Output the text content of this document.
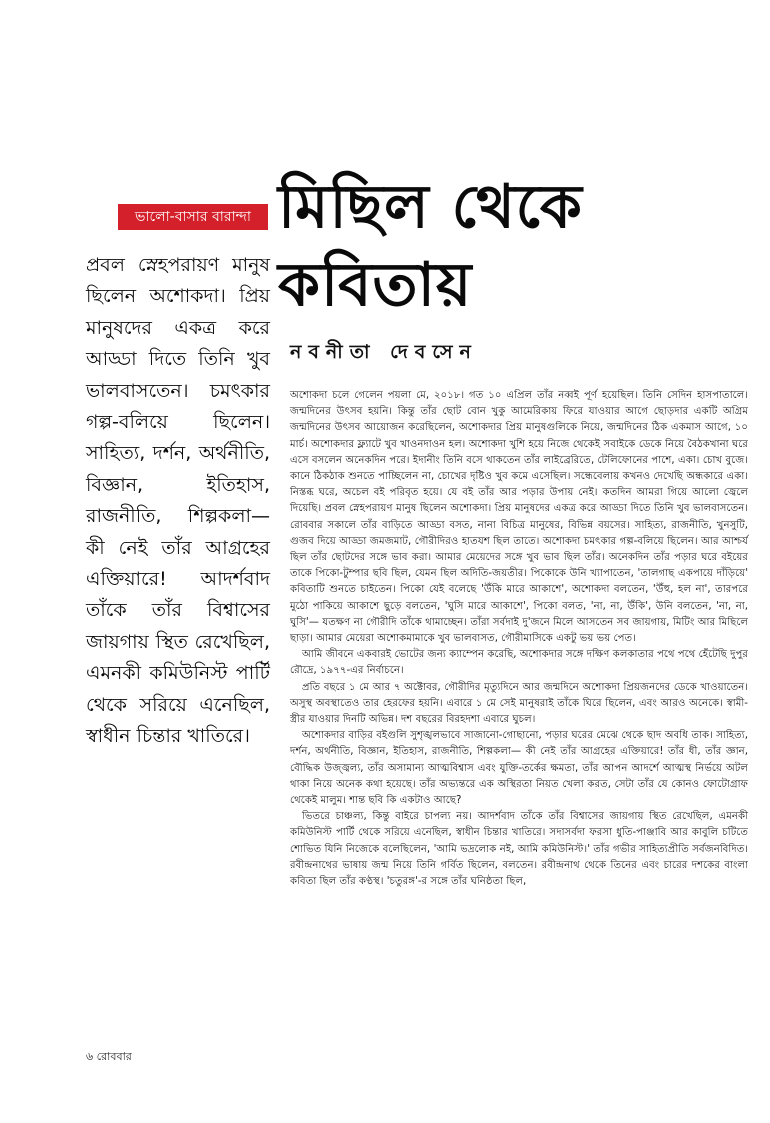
ভালো-বাসার বারান্দা মিছিল থেকে
কবিতায়
নবনীতা দেবসেন
প্রবল স্নেহপরায়ণ মানুষ ছিলেন অশোকদা। প্রিয় মানুষদের একত্র করে আড্ডা দিতে তিনি খুব ভালবাসতেন। চমৎকার গল্প-বলিয়ে ছিলেন। সাহিত্য, দর্শন, অর্থনীতি, বিজ্ঞান, ইতিহাস, রাজনীতি, শিল্পকলা— কী নেই তাঁর আগ্রহের এক্তিয়ারে! আদর্শবাদ তাঁকে তাঁর বিশ্বাসের জায়গায় স্থিত রেখেছিল, এমনকী কমিউনিস্ট পার্টি থেকে সরিয়ে এনেছিল, স্বাধীন চিন্তার খাতিরে।

অশোকদা চলে গেলেন পয়লা মে, ২০১৮। গত ১০ এপ্রিল তাঁর নব্বই পূর্ণ হয়েছিল। তিনি সেদিন হাসপাতালে। জন্মদিনের উৎসব হয়নি। কিন্তু তাঁর ছোট বোন খুকু আমেরিকায় ফিরে যাওয়ার আগে ছোড়দার একটি অগ্রিম জন্মদিনের উৎসব আয়োজন করেছিলেন, অশোকদার প্রিয় মানুষগুলিকে নিয়ে, জন্মদিনের ঠিক একমাস আগে, ১০ মার্চ। অশোকদার ফ্ল্যাটে খুব খাওনদাওন হল। অশোকদা খুশি হয়ে নিজে থেকেই সবাইকে ডেকে নিয়ে বৈঠকখানা ঘরে এসে বসলেন অনেকদিন পরে। ইদানীং তিনি বসে থাকতেন তাঁর লাইব্রেরিতে, টেলিফোনের পাশে, একা। চোখ বুজে। কানে ঠিকঠাক শুনতে পাচ্ছিলেন না, চোখের দৃষ্টিও খুব কমে এসেছিল। সন্ধেবেলায় কখনও দেখেছি অন্ধকারে একা। নিস্তব্ধ ঘরে, অচেল বই পরিবৃত হয়ে। যে বই তাঁর আর পড়ার উপায় নেই। কতদিন আমরা গিয়ে আলো জ্বেলে দিয়েছি। প্রবল স্নেহপরায়ণ মানুষ ছিলেন অশোকদা। প্রিয় মানুষদের একত্র করে আড্ডা দিতে তিনি খুব ভালবাসতেন। রোববার সকালে তাঁর বাড়িতে আড্ডা বসত, নানা বিচিত্র মানুষের, বিভিন্ন বয়সের। সাহিত্য, রাজনীতি, খুনসুটি, গুজব দিয়ে আড্ডা জমজমাট, গৌরীদিরও হাতযশ ছিল তাতে। অশোকদা চমৎকার গল্প-বলিয়ে ছিলেন। আর আশ্চর্য ছিল তাঁর ছোটদের সঙ্গে ভাব করা। আমার মেয়েদের সঙ্গে খুব ভাব ছিল তাঁর। অনেকদিন তাঁর পড়ার ঘরে বইয়ের তাকে পিকো-টুম্পার ছবি ছিল, যেমন ছিল অদিতি-জয়তীর। পিকোকে উনি খ্যাপাতেন, 'তালগাছ একপায়ে দাঁড়িয়ে' কবিতাটি শুনতে চাইতেন। পিকো যেই বলেছে 'উঁকি মারে আকাশে', অশোকদা বলতেন, 'উঁহু, হল না', তারপরে মুঠো পাকিয়ে আকাশে ছুড়ে বলতেন, 'ঘুসি মারে আকাশে', পিকো বলত, 'না, না, উঁকি', উনি বলতেন, 'না, না, ঘুসি'— যতক্ষণ না গৌরীদি তাঁকে থামাচ্ছেন। তাঁরা সর্বদাই দু'জনে মিলে আসতেন সব জায়গায়, মিটিং আর মিছিলে ছাড়া। আমার মেয়েরা অশোকমামাকে খুব ভালবাসত, গৌরীমাসিকে একটু ভয় ভয় পেত।

আমি জীবনে একবারই ভোটের জন্য ক্যাম্পেন করেছি, অশোকদার সঙ্গে দক্ষিণ কলকাতার পথে পথে হেঁটেছি দুপুর রৌদ্রে, ১৯৭৭-এর নির্বাচনে।

প্রতি বছরে ১ মে আর ৭ অক্টোবর, গৌরীদির মৃত্যুদিনে আর জন্মদিনে অশোকদা প্রিয়জনদের ডেকে খাওয়াতেন। অসুস্থ অবস্থাতেও তার হেরফের হয়নি। এবারে ১ মে সেই মানুষরাই তাঁকে ঘিরে ছিলেন, এবং আরও অনেকে। স্বামী-স্ত্রীর যাওয়ার দিনটি অভিন্ন। দশ বছরের বিরহদশা এবারে ঘুচল।

অশোকদার বাড়ির বইগুলি সুশৃঙ্খলভাবে সাজানো-গোছানো, পড়ার ঘরের মেঝে থেকে ছাদ অবধি তাক। সাহিত্য, দর্শন, অর্থনীতি, বিজ্ঞান, ইতিহাস, রাজনীতি, শিল্পকলা— কী নেই তাঁর আগ্রহের এক্তিয়ারে! তাঁর ধী, তাঁর জ্ঞান, বৌদ্ধিক উজ্জ্বল্য, তাঁর অসামান্য আত্মবিশ্বাস এবং যুক্তি-তর্কের ক্ষমতা, তাঁর আপন আদর্শে আত্মস্থ নির্ভয়ে অটল থাকা নিয়ে অনেক কথা হয়েছে। তাঁর অভ্যন্তরে এক অস্থিরতা নিয়ত খেলা করত, সেটা তাঁর যে কোনও ফোটোগ্রাফ থেকেই মালুম। শান্ত ছবি কি একটাও আছে?

ভিতরে চাঞ্চল্য, কিন্তু বাইরে চাপল্য নয়। আদর্শবাদ তাঁকে তাঁর বিশ্বাসের জায়গায় স্থিত রেখেছিল, এমনকী কমিউনিস্ট পার্টি থেকে সরিয়ে এনেছিল, স্বাধীন চিন্তার খাতিরে। সদাসর্বদা ফরসা ধুতি-পাঞ্জাবি আর কাবুলি চটিতে শোভিত যিনি নিজেকে বলেছিলেন, 'আমি ভদ্রলোক নই, আমি কমিউনিস্ট।' তাঁর গভীর সাহিত্যপ্রীতি সর্বজনবিদিত। রবীন্দ্রনাথের ভাষায় জন্ম নিয়ে তিনি গর্বিত ছিলেন, বলতেন। রবীন্দ্রনাথ থেকে তিনের এবং চারের দশকের বাংলা কবিতা ছিল তাঁর কণ্ঠস্থ। 'চতুরঙ্গ'-র সঙ্গে তাঁর ঘনিষ্ঠতা ছিল,

৬ রোববার
